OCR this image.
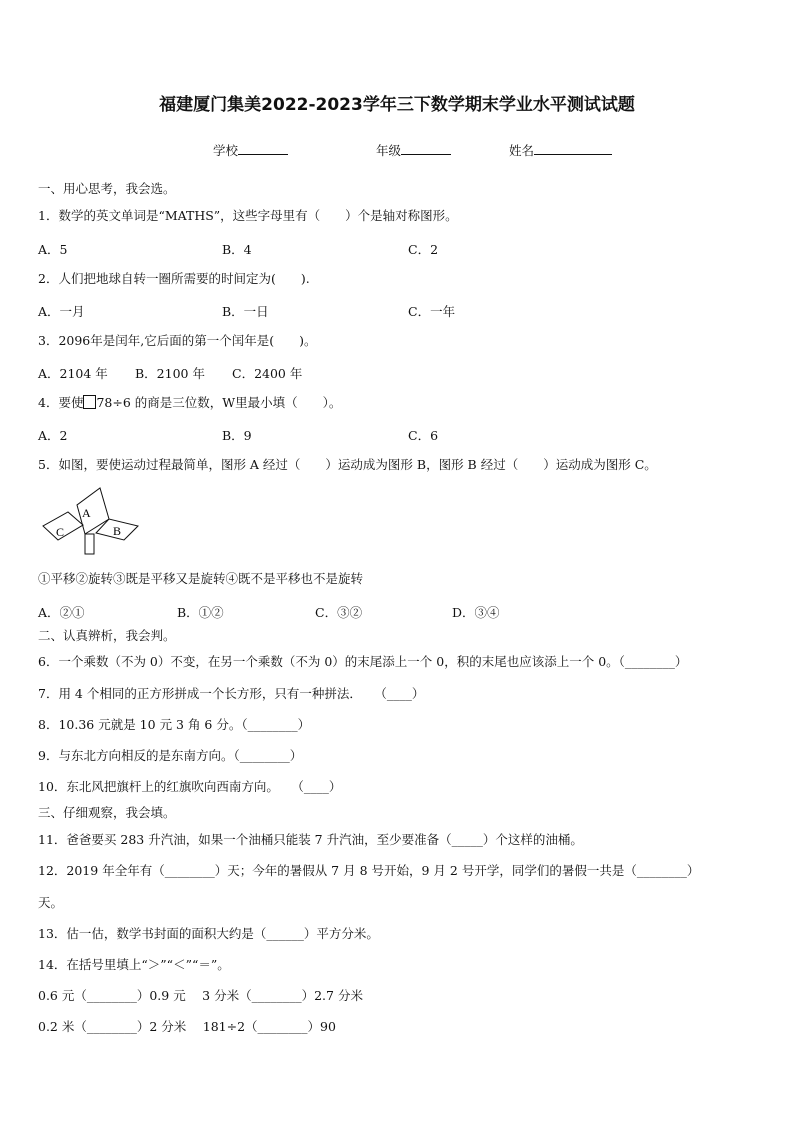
福建厦门集美2022-2023学年三下数学期末学业水平测试试题
学校	年级	姓名
一、用心思考，我会选。
1．数学的英文单词是“MATHS”，这些字母里有（　　）个是轴对称图形。
A．5	B．4	C．2
2．人们把地球自转一圈所需要的时间定为(　　).
A．一月	B．一日	C．一年
3．2096年是闰年,它后面的第一个闰年是(　　)。
A．2104 年 B．2100 年 C．2400 年
4．要使 78÷6 的商是三位数，W里最小填（　　）。
A．2	B．9	C．6
5．如图，要使运动过程最简单，图形 A 经过（　　）运动成为图形 B，图形 B 经过（　　）运动成为图形 C。
A
B
C
①平移②旋转③既是平移又是旋转④既不是平移也不是旋转
A．②①	B．①②	C．③②	D．③④
二、认真辨析，我会判。
6．一个乘数（不为 0）不变，在另一个乘数（不为 0）的末尾添上一个 0，积的末尾也应该添上一个 0。（________）
7．用 4 个相同的正方形拼成一个长方形，只有一种拼法．　　（____）
8．10.36 元就是 10 元 3 角 6 分。（________）
9．与东北方向相反的是东南方向。（________）
10．东北风把旗杆上的红旗吹向西南方向。　　（____）
三、仔细观察，我会填。
11．爸爸要买 283 升汽油，如果一个油桶只能装 7 升汽油，至少要准备（_____）个这样的油桶。
12．2019 年全年有（________）天；今年的暑假从 7 月 8 号开始，9 月 2 号开学，同学们的暑假一共是（________）
天。
13．估一估，数学书封面的面积大约是（______）平方分米。
14．在括号里填上“＞”“＜”“＝”。
0.6 元（________）0.9 元　 3 分米（________）2.7 分米
0.2 米（________）2 分米　 181÷2（________）90
